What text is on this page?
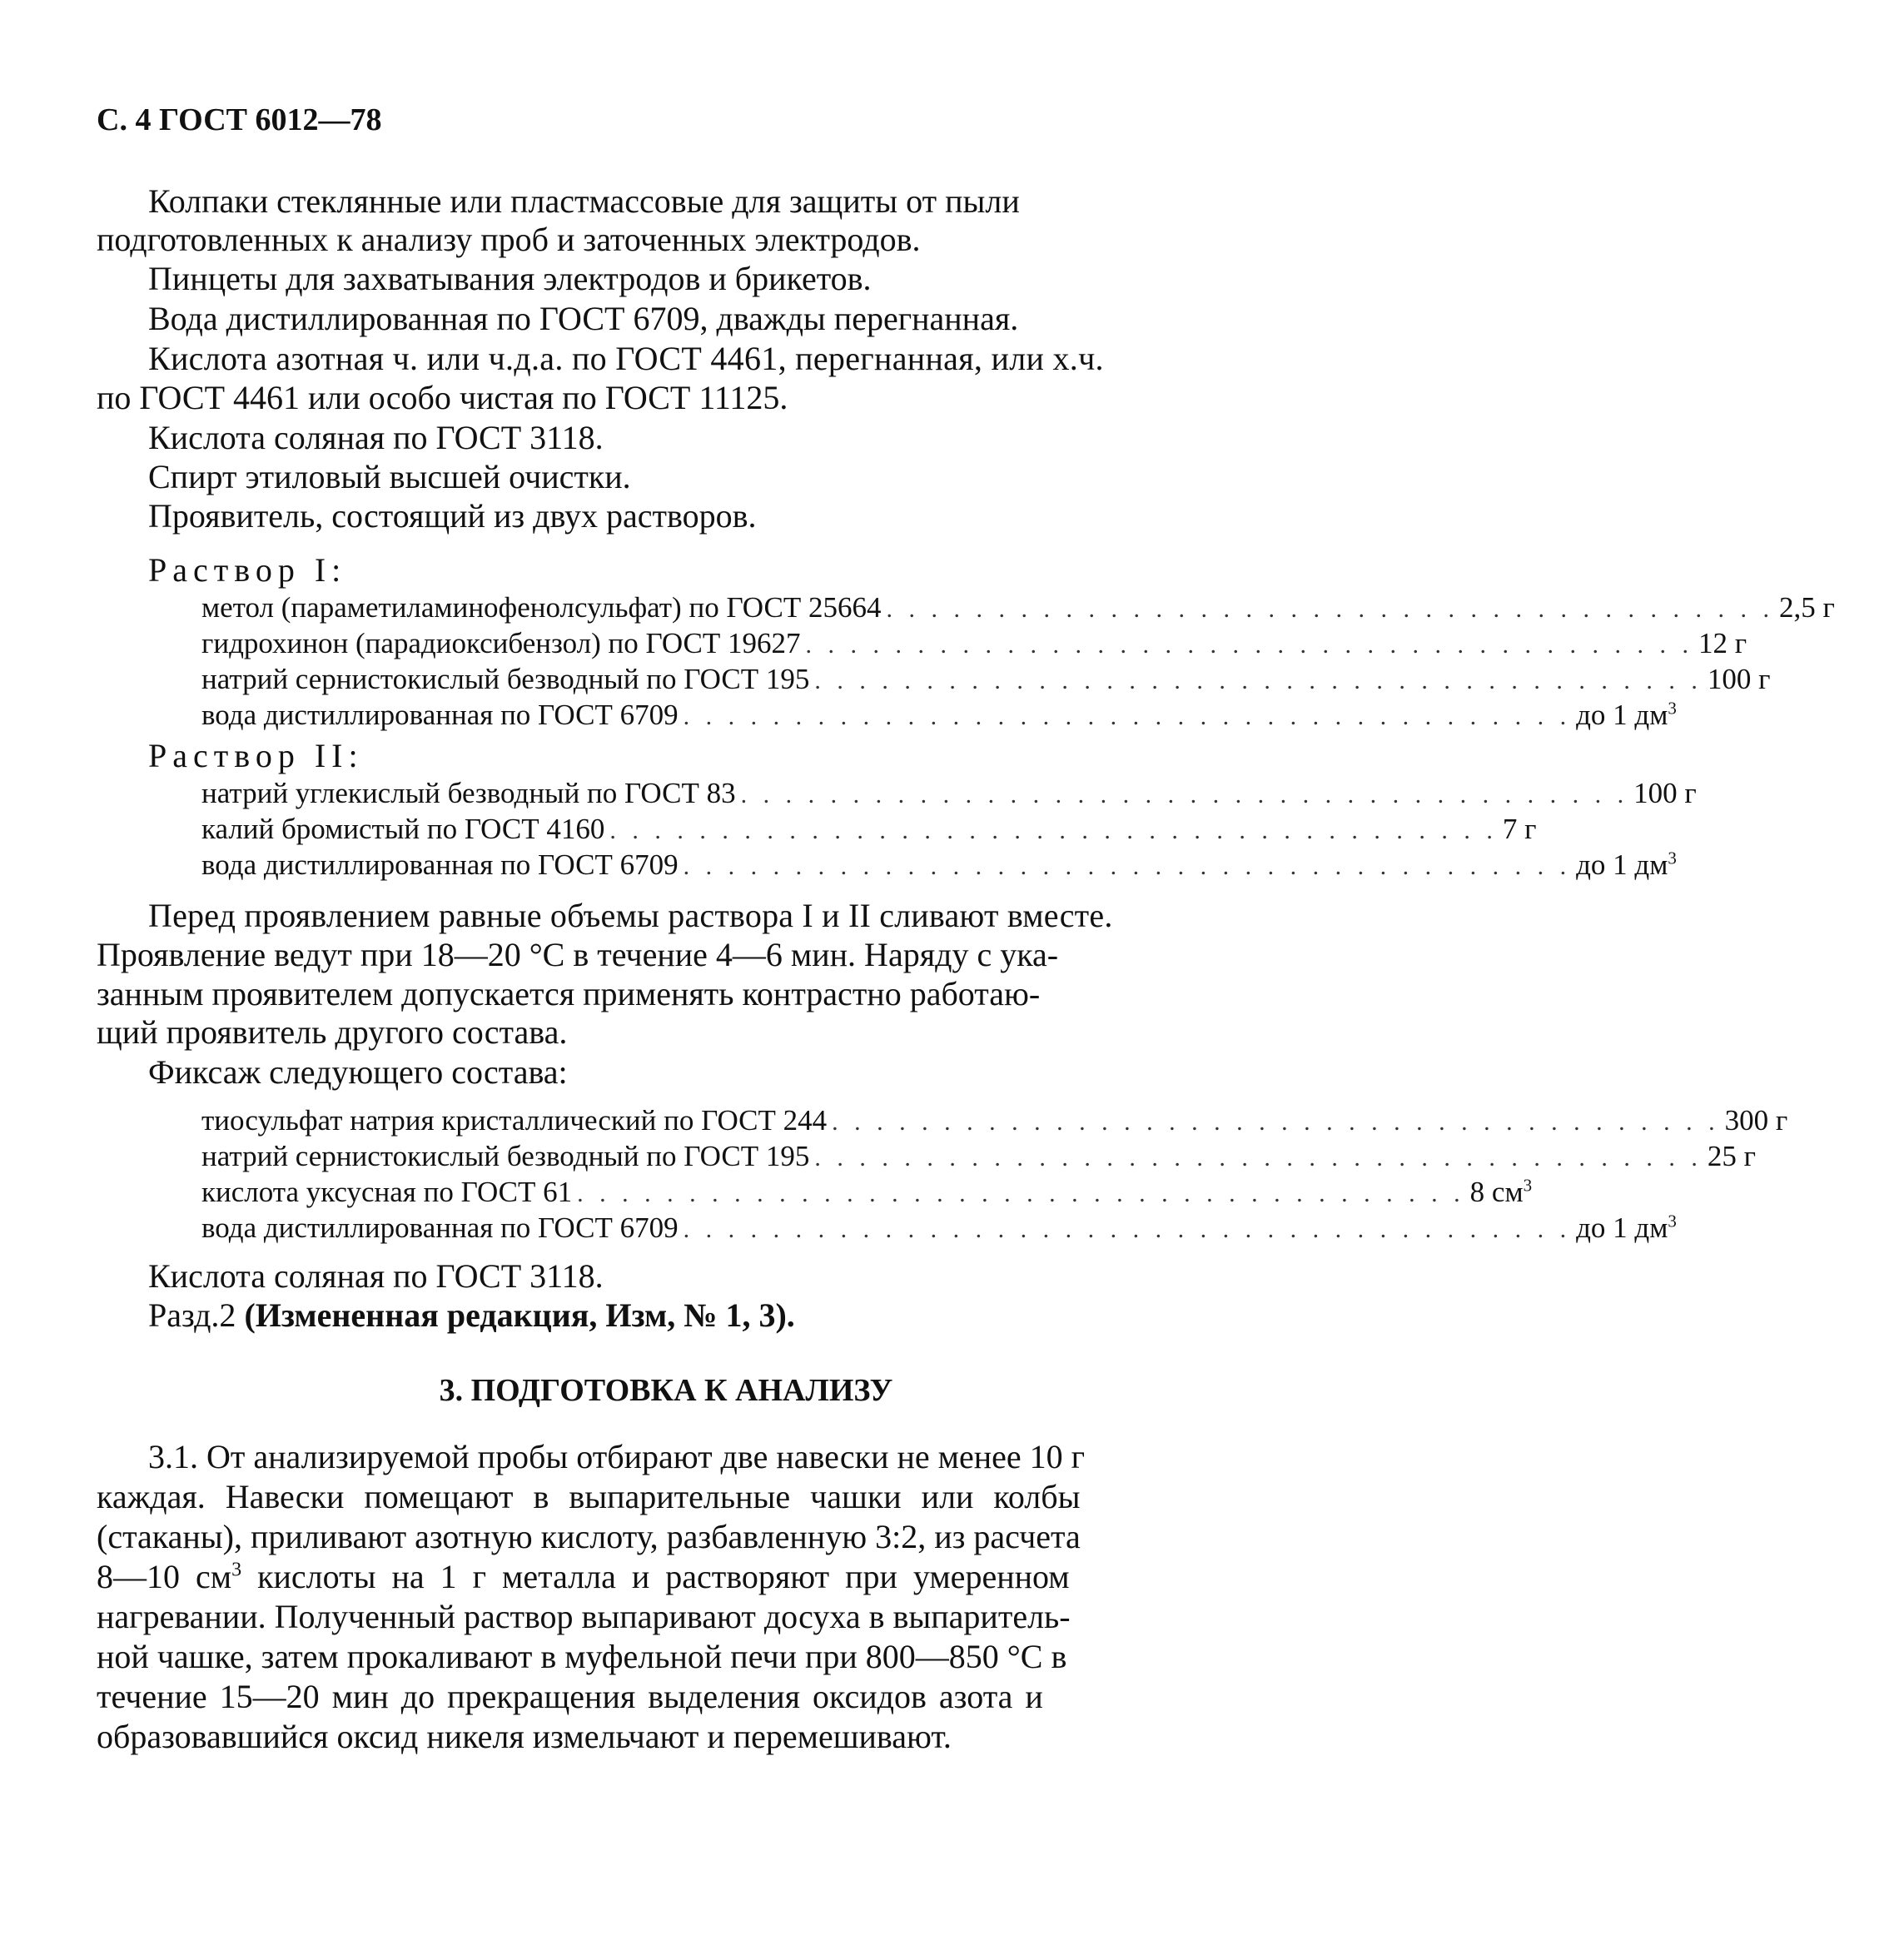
С. 4 ГОСТ 6012—78
Колпаки стеклянные или пластмассовые для защиты от пыли
подготовленных к анализу проб и заточенных электродов.
Пинцеты для захватывания электродов и брикетов.
Вода дистиллированная по ГОСТ 6709, дважды перегнанная.
Кислота азотная ч. или ч.д.а. по ГОСТ 4461, перегнанная, или х.ч.
по ГОСТ 4461 или особо чистая по ГОСТ 11125.
Кислота соляная по ГОСТ 3118.
Спирт этиловый высшей очистки.
Проявитель, состоящий из двух растворов.
Раствор I:
метол (параметиламинофенолсульфат) по ГОСТ 25664 . . . . . . . . . . . . . . . . . . . . . . . . . . . . . . . . . . . . . . . . 2,5 г
гидрохинон (парадиоксибензол) по ГОСТ 19627 . . . . . . . . . . . . . . . . . . . . . . . . . . . . . . . . . . . . . . . . 12 г
натрий сернистокислый безводный по ГОСТ 195 . . . . . . . . . . . . . . . . . . . . . . . . . . . . . . . . . . . . . . . . 100 г
вода дистиллированная по ГОСТ 6709 . . . . . . . . . . . . . . . . . . . . . . . . . . . . . . . . . . . . . . . . до 1 $дм^3$
Раствор II:
натрий углекислый безводный по ГОСТ 83 . . . . . . . . . . . . . . . . . . . . . . . . . . . . . . . . . . . . . . . . 100 г
калий бромистый по ГОСТ 4160 . . . . . . . . . . . . . . . . . . . . . . . . . . . . . . . . . . . . . . . . 7 г
вода дистиллированная по ГОСТ 6709 . . . . . . . . . . . . . . . . . . . . . . . . . . . . . . . . . . . . . . . . до 1 $дм^3$
Перед проявлением равные объемы раствора I и II сливают вместе.
Проявление ведут при 18—20 °С в течение 4—6 мин. Наряду с ука-
занным проявителем допускается применять контрастно работаю-
щий проявитель другого состава.
Фиксаж следующего состава:
тиосульфат натрия кристаллический по ГОСТ 244 . . . . . . . . . . . . . . . . . . . . . . . . . . . . . . . . . . . . . . . . 300 г
натрий сернистокислый безводный по ГОСТ 195 . . . . . . . . . . . . . . . . . . . . . . . . . . . . . . . . . . . . . . . . 25 г
кислота уксусная по ГОСТ 61 . . . . . . . . . . . . . . . . . . . . . . . . . . . . . . . . . . . . . . . . 8 $см^3$
вода дистиллированная по ГОСТ 6709 . . . . . . . . . . . . . . . . . . . . . . . . . . . . . . . . . . . . . . . . до 1 $дм^3$
Кислота соляная по ГОСТ 3118.
Разд.2 (Измененная редакция, Изм, № 1, 3).
3. ПОДГОТОВКА К АНАЛИЗУ
3.1. От анализируемой пробы отбирают две навески не менее 10 г
каждая. Навески помещают в выпарительные чашки или колбы
(стаканы), приливают азотную кислоту, разбавленную 3:2, из расчета
8—10 $см^3$ кислоты на 1 г металла и растворяют при умеренном
нагревании. Полученный раствор выпаривают досуха в выпаритель-
ной чашке, затем прокаливают в муфельной печи при 800—850 °С в
течение 15—20 мин до прекращения выделения оксидов азота и
образовавшийся оксид никеля измельчают и перемешивают.
